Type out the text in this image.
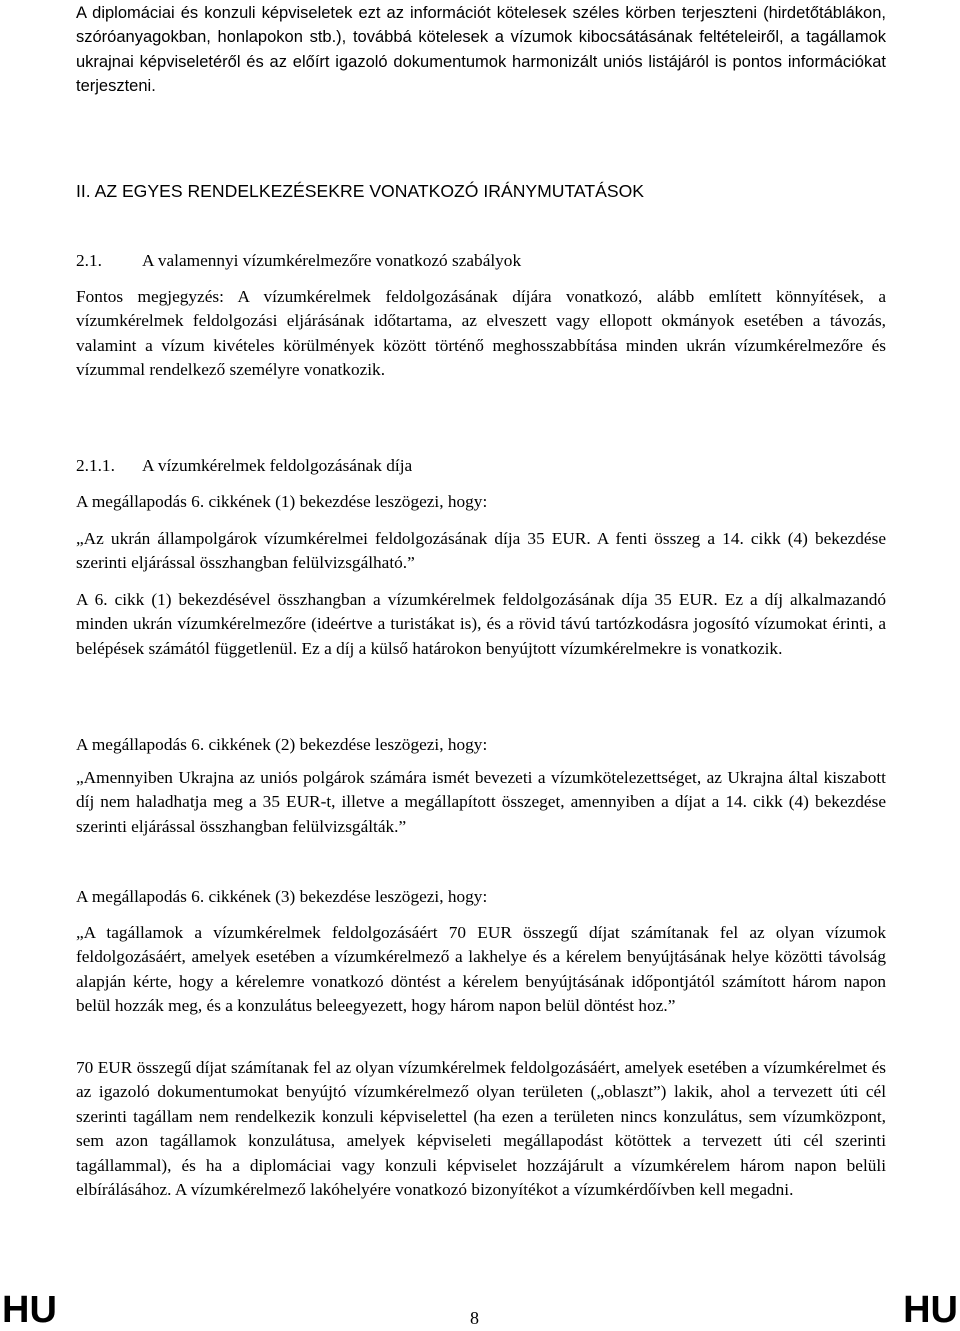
A diplomáciai és konzuli képviseletek ezt az információt kötelesek széles körben terjeszteni (hirdetőtáblákon, szóróanyagokban, honlapokon stb.), továbbá kötelesek a vízumok kibocsátásának feltételeiről, a tagállamok ukrajnai képviseletéről és az előírt igazoló dokumentumok harmonizált uniós listájáról is pontos információkat terjeszteni.

II. AZ EGYES RENDELKEZÉSEKRE VONATKOZÓ IRÁNYMUTATÁSOK

2.1. A valamennyi vízumkérelmezőre vonatkozó szabályok

Fontos megjegyzés: A vízumkérelmek feldolgozásának díjára vonatkozó, alább említett könnyítések, a vízumkérelmek feldolgozási eljárásának időtartama, az elveszett vagy ellopott okmányok esetében a távozás, valamint a vízum kivételes körülmények között történő meghosszabbítása minden ukrán vízumkérelmezőre és vízummal rendelkező személyre vonatkozik.

2.1.1. A vízumkérelmek feldolgozásának díja

A megállapodás 6. cikkének (1) bekezdése leszögezi, hogy:

„Az ukrán állampolgárok vízumkérelmei feldolgozásának díja 35 EUR. A fenti összeg a 14. cikk (4) bekezdése szerinti eljárással összhangban felülvizsgálható.”

A 6. cikk (1) bekezdésével összhangban a vízumkérelmek feldolgozásának díja 35 EUR. Ez a díj alkalmazandó minden ukrán vízumkérelmezőre (ideértve a turistákat is), és a rövid távú tartózkodásra jogosító vízumokat érinti, a belépések számától függetlenül. Ez a díj a külső határokon benyújtott vízumkérelmekre is vonatkozik.

A megállapodás 6. cikkének (2) bekezdése leszögezi, hogy:

„Amennyiben Ukrajna az uniós polgárok számára ismét bevezeti a vízumkötelezettséget, az Ukrajna által kiszabott díj nem haladhatja meg a 35 EUR-t, illetve a megállapított összeget, amennyiben a díjat a 14. cikk (4) bekezdése szerinti eljárással összhangban felülvizsgálták.”

A megállapodás 6. cikkének (3) bekezdése leszögezi, hogy:

„A tagállamok a vízumkérelmek feldolgozásáért 70 EUR összegű díjat számítanak fel az olyan vízumok feldolgozásáért, amelyek esetében a vízumkérelmező a lakhelye és a kérelem benyújtásának helye közötti távolság alapján kérte, hogy a kérelemre vonatkozó döntést a kérelem benyújtásának időpontjától számított három napon belül hozzák meg, és a konzulátus beleegyezett, hogy három napon belül döntést hoz.”

70 EUR összegű díjat számítanak fel az olyan vízumkérelmek feldolgozásáért, amelyek esetében a vízumkérelmet és az igazoló dokumentumokat benyújtó vízumkérelmező olyan területen („oblaszt”) lakik, ahol a tervezett úti cél szerinti tagállam nem rendelkezik konzuli képviselettel (ha ezen a területen nincs konzulátus, sem vízumközpont, sem azon tagállamok konzulátusa, amelyek képviseleti megállapodást kötöttek a tervezett úti cél szerinti tagállammal), és ha a diplomáciai vagy konzuli képviselet hozzájárult a vízumkérelem három napon belüli elbírálásához. A vízumkérelmező lakóhelyére vonatkozó bizonyítékot a vízumkérdőívben kell megadni.

HU	8	HU
